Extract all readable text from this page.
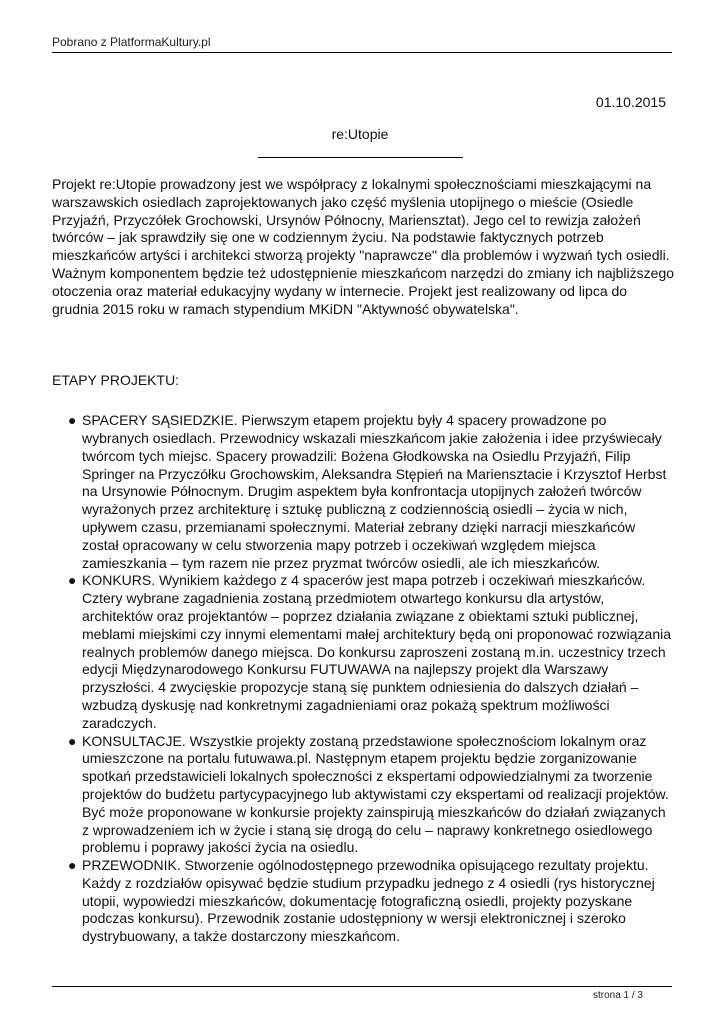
Pobrano z PlatformaKultury.pl
01.10.2015
re:Utopie

Projekt re:Utopie prowadzony jest we współpracy z lokalnymi społecznościami mieszkającymi na warszawskich osiedlach zaprojektowanych jako część myślenia utopijnego o mieście (Osiedle Przyjaźń, Przyczółek Grochowski, Ursynów Północny, Mariensztat). Jego cel to rewizja założeń twórców – jak sprawdziły się one w codziennym życiu. Na podstawie faktycznych potrzeb mieszkańców artyści i architekci stworzą projekty "naprawcze" dla problemów i wyzwań tych osiedli. Ważnym komponentem będzie też udostępnienie mieszkańcom narzędzi do zmiany ich najbliższego otoczenia oraz materiał edukacyjny wydany w internecie. Projekt jest realizowany od lipca do grudnia 2015 roku w ramach stypendium MKiDN "Aktywność obywatelska".

ETAPY PROJEKTU:
● SPACERY SĄSIEDZKIE. Pierwszym etapem projektu były 4 spacery prowadzone po wybranych osiedlach. Przewodnicy wskazali mieszkańcom jakie założenia i idee przyświecały twórcom tych miejsc. Spacery prowadzili: Bożena Głodkowska na Osiedlu Przyjaźń, Filip Springer na Przyczółku Grochowskim, Aleksandra Stępień na Mariensztacie i Krzysztof Herbst na Ursynowie Północnym. Drugim aspektem była konfrontacja utopijnych założeń twórców wyrażonych przez architekturę i sztukę publiczną z codziennością osiedli – życia w nich, upływem czasu, przemianami społecznymi. Materiał zebrany dzięki narracji mieszkańców został opracowany w celu stworzenia mapy potrzeb i oczekiwań względem miejsca zamieszkania – tym razem nie przez pryzmat twórców osiedli, ale ich mieszkańców.
● KONKURS. Wynikiem każdego z 4 spacerów jest mapa potrzeb i oczekiwań mieszkańców. Cztery wybrane zagadnienia zostaną przedmiotem otwartego konkursu dla artystów, architektów oraz projektantów – poprzez działania związane z obiektami sztuki publicznej, meblami miejskimi czy innymi elementami małej architektury będą oni proponować rozwiązania realnych problemów danego miejsca. Do konkursu zaproszeni zostaną m.in. uczestnicy trzech edycji Międzynarodowego Konkursu FUTUWAWA na najlepszy projekt dla Warszawy przyszłości. 4 zwycięskie propozycje staną się punktem odniesienia do dalszych działań – wzbudzą dyskusję nad konkretnymi zagadnieniami oraz pokażą spektrum możliwości zaradczych.
● KONSULTACJE. Wszystkie projekty zostaną przedstawione społecznościom lokalnym oraz umieszczone na portalu futuwawa.pl. Następnym etapem projektu będzie zorganizowanie spotkań przedstawicieli lokalnych społeczności z ekspertami odpowiedzialnymi za tworzenie projektów do budżetu partycypacyjnego lub aktywistami czy ekspertami od realizacji projektów. Być może proponowane w konkursie projekty zainspirują mieszkańców do działań związanych z wprowadzeniem ich w życie i staną się drogą do celu – naprawy konkretnego osiedlowego problemu i poprawy jakości życia na osiedlu.
● PRZEWODNIK. Stworzenie ogólnodostępnego przewodnika opisującego rezultaty projektu. Każdy z rozdziałów opisywać będzie studium przypadku jednego z 4 osiedli (rys historycznej utopii, wypowiedzi mieszkańców, dokumentację fotograficzną osiedli, projekty pozyskane podczas konkursu). Przewodnik zostanie udostępniony w wersji elektronicznej i szeroko dystrybuowany, a także dostarczony mieszkańcom.
strona 1 / 3
